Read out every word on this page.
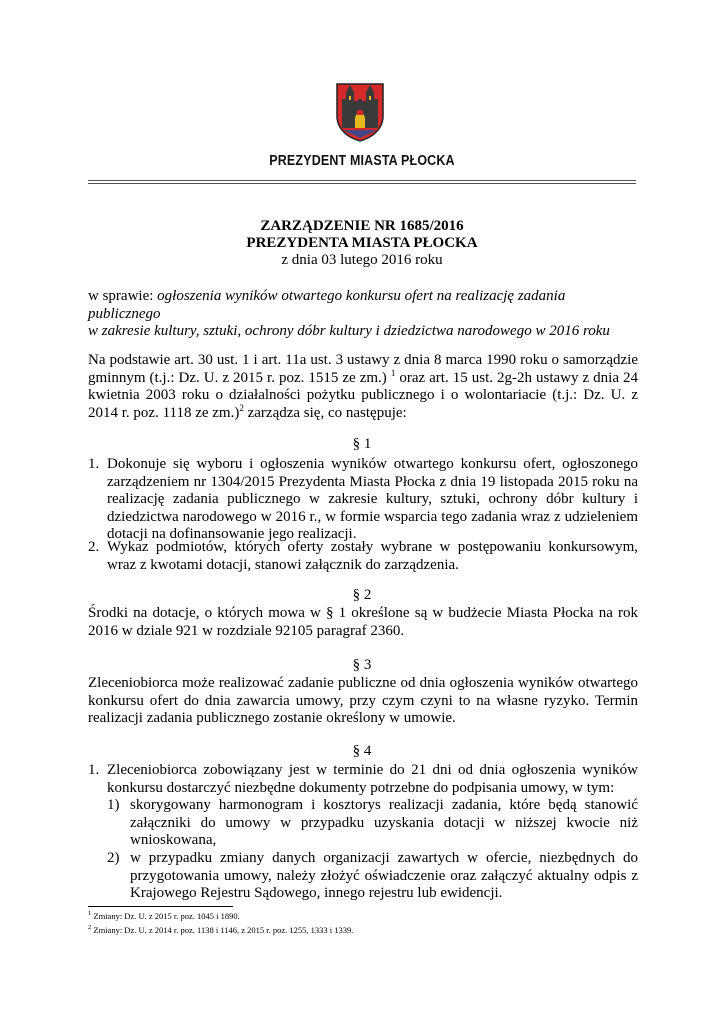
PREZYDENT MIASTA PŁOCKA
ZARZĄDZENIE NR 1685/2016
PREZYDENTA MIASTA PŁOCKA
z dnia 03 lutego 2016 roku
w sprawie: ogłoszenia wyników otwartego konkursu ofert na realizację zadania publicznego
w zakresie kultury, sztuki, ochrony dóbr kultury i dziedzictwa narodowego w 2016 roku
Na podstawie art. 30 ust. 1 i art. 11a ust. 3 ustawy z dnia 8 marca 1990 roku o samorządzie gminnym (t.j.: Dz. U. z 2015 r. poz. 1515 ze zm.) $^1$ oraz art. 15 ust. 2g-2h ustawy z dnia 24 kwietnia 2003 roku o działalności pożytku publicznego i o wolontariacie (t.j.: Dz. U. z 2014 r. poz. 1118 ze zm.)$^2$ zarządza się, co następuje:
§ 1
1. Dokonuje się wyboru i ogłoszenia wyników otwartego konkursu ofert, ogłoszonego zarządzeniem nr 1304/2015 Prezydenta Miasta Płocka z dnia 19 listopada 2015 roku na realizację zadania publicznego w zakresie kultury, sztuki, ochrony dóbr kultury i dziedzictwa narodowego w 2016 r., w formie wsparcia tego zadania wraz z udzieleniem dotacji na dofinansowanie jego realizacji.
2. Wykaz podmiotów, których oferty zostały wybrane w postępowaniu konkursowym, wraz z kwotami dotacji, stanowi załącznik do zarządzenia.
§ 2
Środki na dotacje, o których mowa w § 1 określone są w budżecie Miasta Płocka na rok 2016 w dziale 921 w rozdziale 92105 paragraf 2360.
§ 3
Zleceniobiorca może realizować zadanie publiczne od dnia ogłoszenia wyników otwartego konkursu ofert do dnia zawarcia umowy, przy czym czyni to na własne ryzyko. Termin realizacji zadania publicznego zostanie określony w umowie.
§ 4
1. Zleceniobiorca zobowiązany jest w terminie do 21 dni od dnia ogłoszenia wyników konkursu dostarczyć niezbędne dokumenty potrzebne do podpisania umowy, w tym:
1) skorygowany harmonogram i kosztorys realizacji zadania, które będą stanowić załączniki do umowy w przypadku uzyskania dotacji w niższej kwocie niż wnioskowana,
2) w przypadku zmiany danych organizacji zawartych w ofercie, niezbędnych do przygotowania umowy, należy złożyć oświadczenie oraz załączyć aktualny odpis z Krajowego Rejestru Sądowego, innego rejestru lub ewidencji.
$^1$ Zmiany: Dz. U. z 2015 r. poz. 1045 i 1890.
$^2$ Zmiany: Dz. U. z 2014 r. poz. 1138 i 1146, z 2015 r. poz. 1255, 1333 i 1339.
